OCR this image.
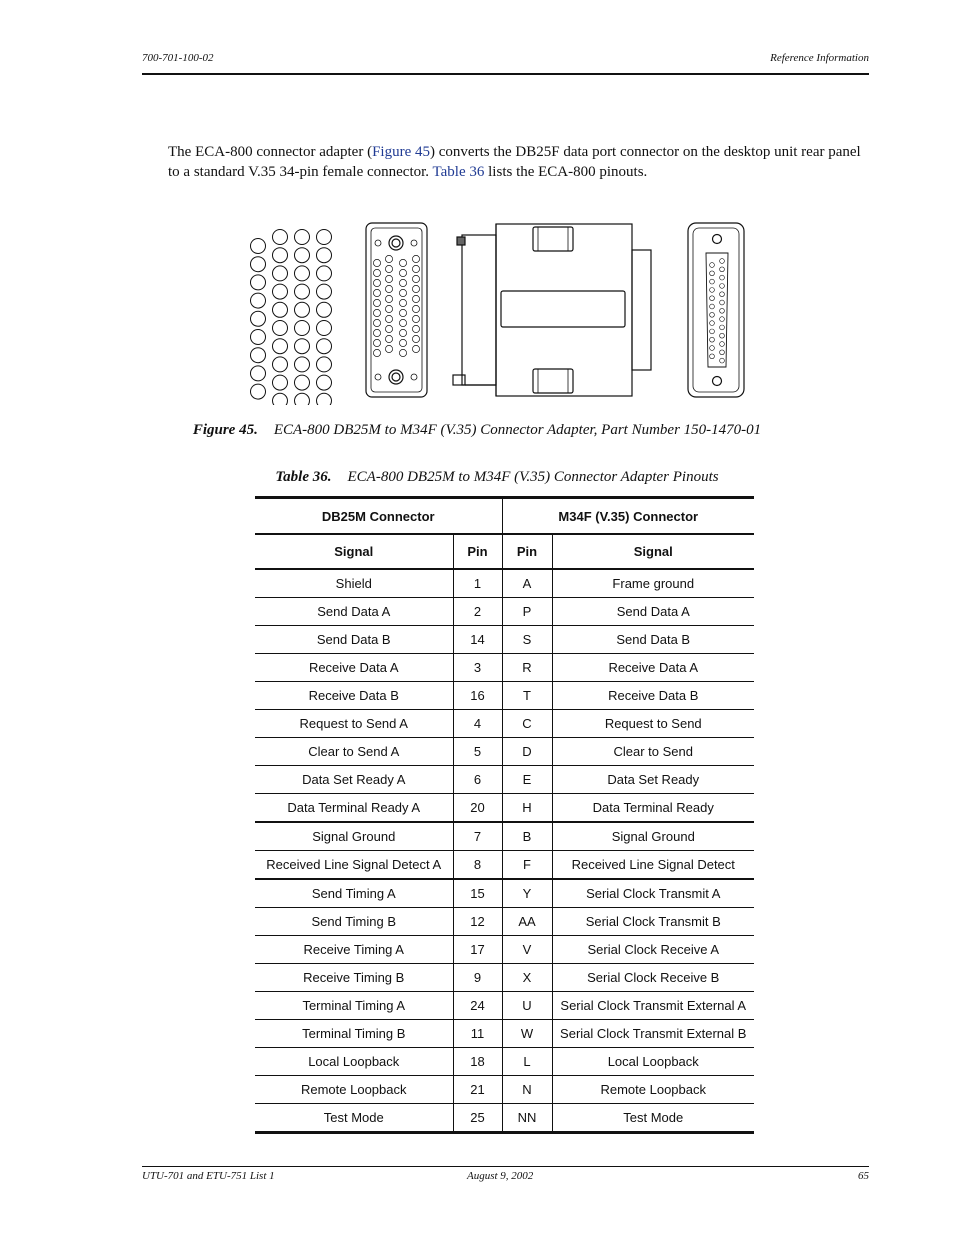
700-701-100-02	Reference Information

The ECA-800 connector adapter (Figure 45) converts the DB25F data port connector on the desktop unit rear panel to a standard V.35 34-pin female connector. Table 36 lists the ECA-800 pinouts.

Figure 45. ECA-800 DB25M to M34F (V.35) Connector Adapter, Part Number 150-1470-01
Table 36. ECA-800 DB25M to M34F (V.35) Connector Adapter Pinouts
DB25M Connector		M34F (V.35) Connector	
Signal	Pin	Pin	Signal
Shield	1	A	Frame ground
Send Data A	2	P	Send Data A
Send Data B	14	S	Send Data B
Receive Data A	3	R	Receive Data A
Receive Data B	16	T	Receive Data B
Request to Send A	4	C	Request to Send
Clear to Send A	5	D	Clear to Send
Data Set Ready A	6	E	Data Set Ready
Data Terminal Ready A	20	H	Data Terminal Ready
Signal Ground	7	B	Signal Ground
Received Line Signal Detect A	8	F	Received Line Signal Detect
Send Timing A	15	Y	Serial Clock Transmit A
Send Timing B	12	AA	Serial Clock Transmit B
Receive Timing A	17	V	Serial Clock Receive A
Receive Timing B	9	X	Serial Clock Receive B
Terminal Timing A	24	U	Serial Clock Transmit External A
Terminal Timing B	11	W	Serial Clock Transmit External B
Local Loopback	18	L	Local Loopback
Remote Loopback	21	N	Remote Loopback
Test Mode	25	NN	Test Mode
UTU-701 and ETU-751 List 1	August 9, 2002	65
